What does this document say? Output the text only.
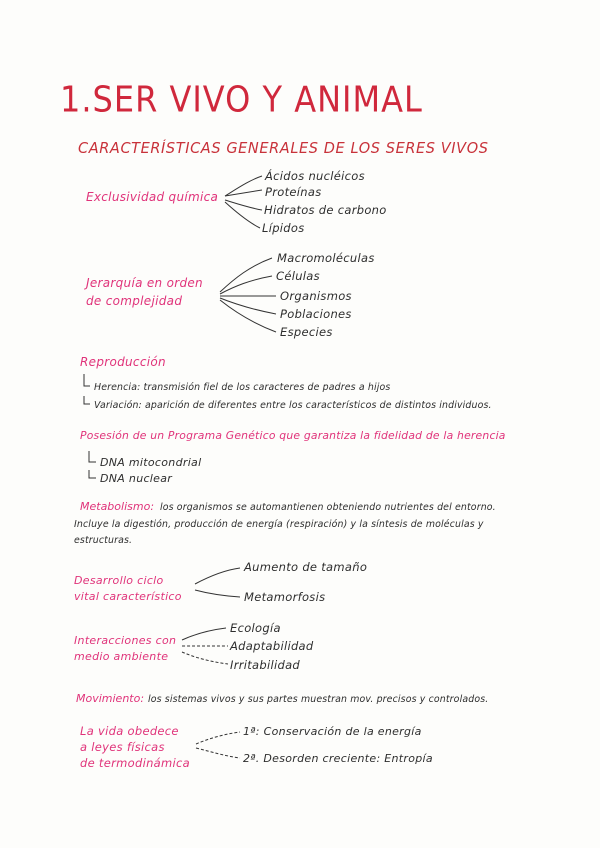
1.SER VIVO Y ANIMAL
CARACTERÍSTICAS GENERALES DE LOS SERES VIVOS
Exclusividad química
Ácidos nucléicos
Proteínas
Hidratos de carbono
Lípidos
Jerarquía en orden
de complejidad
Macromoléculas
Células
Organismos
Poblaciones
Especies
Reproducción
Herencia: transmisión fiel de los caracteres de padres a hijos
Variación: aparición de diferentes entre los característicos de distintos individuos.
Posesión de un Programa Genético que garantiza la fidelidad de la herencia
DNA mitocondrial
DNA nuclear
Metabolismo: los organismos se automantienen obteniendo nutrientes del entorno.
Incluye la digestión, producción de energía (respiración) y la síntesis de moléculas y
estructuras.
Desarrollo ciclo
vital característico
Aumento de tamaño
Metamorfosis
Interacciones con
medio ambiente
Ecología
Adaptabilidad
Irritabilidad
Movimiento: los sistemas vivos y sus partes muestran mov. precisos y controlados.
La vida obedece
a leyes físicas
de termodinámica
1ª: Conservación de la energía
2ª. Desorden creciente: Entropía
